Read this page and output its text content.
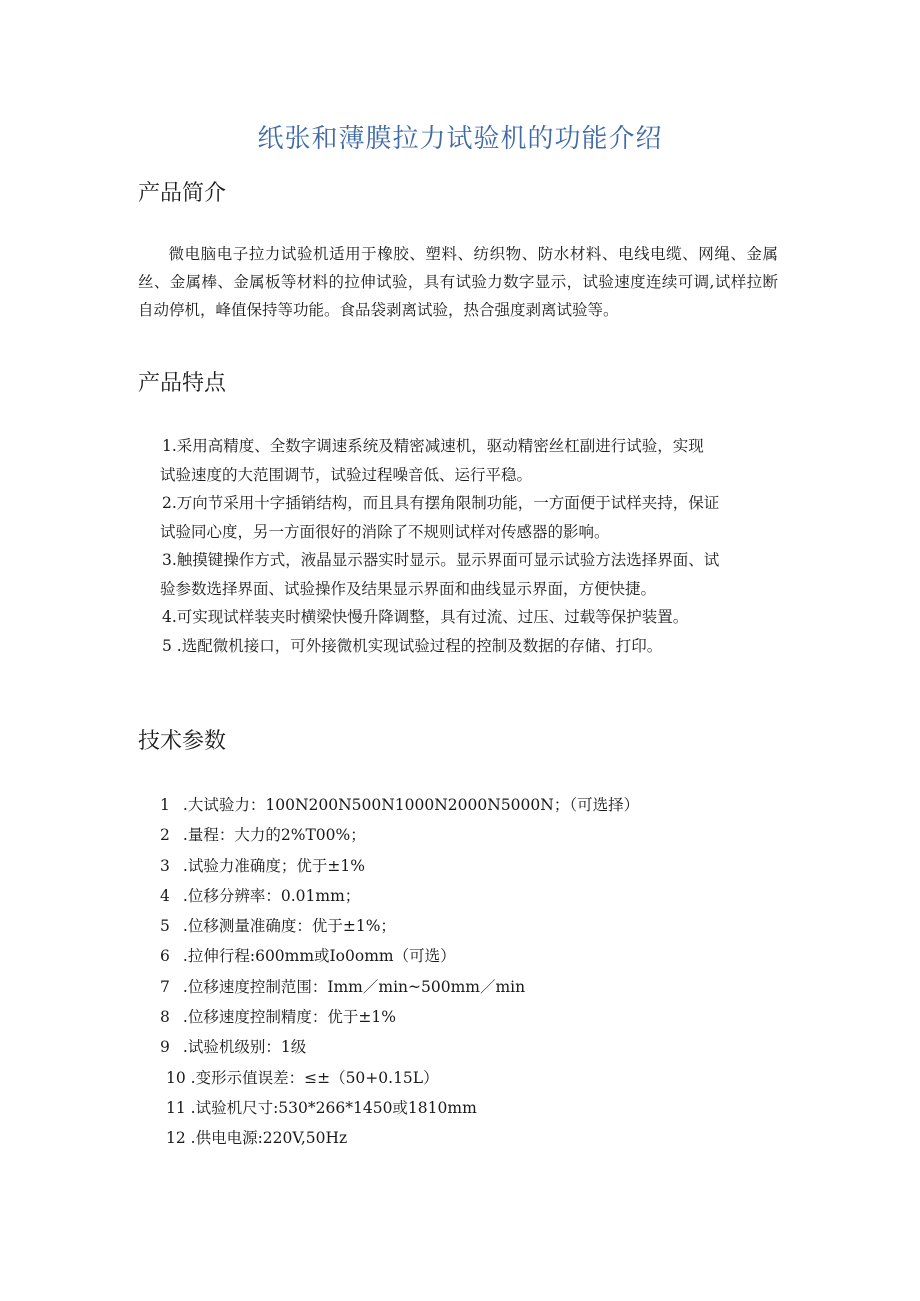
纸张和薄膜拉力试验机的功能介绍
产品简介
微电脑电子拉力试验机适用于橡胶、塑料、纺织物、防水材料、电线电缆、网绳、金属丝、金属棒、金属板等材料的拉伸试验，具有试验力数字显示，试验速度连续可调,试样拉断自动停机，峰值保持等功能。食品袋剥离试验，热合强度剥离试验等。
产品特点
1.采用高精度、全数字调速系统及精密减速机，驱动精密丝杠副进行试验，实现
试验速度的大范围调节，试验过程噪音低、运行平稳。
2.万向节采用十字插销结构，而且具有摆角限制功能，一方面便于试样夹持，保证
试验同心度，另一方面很好的消除了不规则试样对传感器的影响。
3.触摸键操作方式，液晶显示器实时显示。显示界面可显示试验方法选择界面、试
验参数选择界面、试验操作及结果显示界面和曲线显示界面，方便快捷。
4.可实现试样装夹时横梁快慢升降调整，具有过流、过压、过载等保护装置。
5 .选配微机接口，可外接微机实现试验过程的控制及数据的存储、打印。
技术参数
1 .大试验力：100N200N500N1000N2000N5000N；（可选择）
2 .量程：大力的2%T00%；
3 .试验力准确度；优于±1%
4 .位移分辨率：0.01mm；
5 .位移测量准确度：优于±1%；
6 .拉伸行程:600mm或Io0omm（可选）
7 .位移速度控制范围：Imm／min~500mm／min
8 .位移速度控制精度：优于±1%
9 .试验机级别：1级
10 .变形示值误差：≤±（50+0.15L）
11 .试验机尺寸:530*266*1450或1810mm
12 .供电电源:220V,50Hz
